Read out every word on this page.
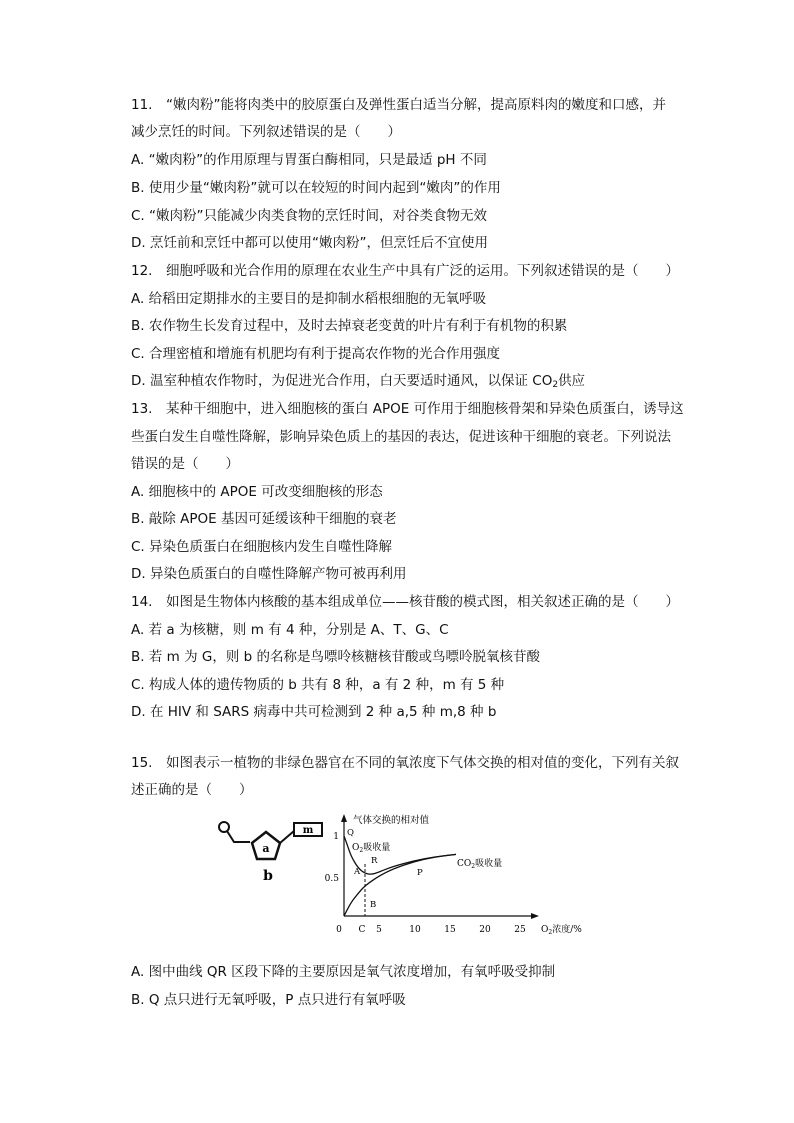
11.　“嫩肉粉”能将肉类中的胶原蛋白及弹性蛋白适当分解，提高原料肉的嫩度和口感，并
减少烹饪的时间。下列叙述错误的是（　　）
A. “嫩肉粉”的作用原理与胃蛋白酶相同，只是最适 pH 不同
B. 使用少量“嫩肉粉”就可以在较短的时间内起到“嫩肉”的作用
C. “嫩肉粉”只能减少肉类食物的烹饪时间，对谷类食物无效
D. 烹饪前和烹饪中都可以使用“嫩肉粉”，但烹饪后不宜使用
12.　细胞呼吸和光合作用的原理在农业生产中具有广泛的运用。下列叙述错误的是（　　）
A. 给稻田定期排水的主要目的是抑制水稻根细胞的无氧呼吸
B. 农作物生长发育过程中，及时去掉衰老变黄的叶片有利于有机物的积累
C. 合理密植和增施有机肥均有利于提高农作物的光合作用强度
D. 温室种植农作物时，为促进光合作用，白天要适时通风，以保证 $CO_2$供应
13.　某种干细胞中，进入细胞核的蛋白 APOE 可作用于细胞核骨架和异染色质蛋白，诱导这
些蛋白发生自噬性降解，影响异染色质上的基因的表达，促进该种干细胞的衰老。下列说法
错误的是（　　）
A. 细胞核中的 APOE 可改变细胞核的形态
B. 敲除 APOE 基因可延缓该种干细胞的衰老
C. 异染色质蛋白在细胞核内发生自噬性降解
D. 异染色质蛋白的自噬性降解产物可被再利用
14.　如图是生物体内核酸的基本组成单位——核苷酸的模式图，相关叙述正确的是（　　）
A. 若 a 为核糖，则 m 有 4 种，分别是 A、T、G、C
B. 若 m 为 G，则 b 的名称是鸟嘌呤核糖核苷酸或鸟嘌呤脱氧核苷酸
C. 构成人体的遗传物质的 b 共有 8 种，a 有 2 种，m 有 5 种
D. 在 HIV 和 SARS 病毒中共可检测到 2 种 a,5 种 m,8 种 b
15.　如图表示一植物的非绿色器官在不同的氧浓度下气体交换的相对值的变化，下列有关叙
述正确的是（　　）
m
a
b
气体交换的相对值
$O_2$浓度/%
0 C 5	10	15	20	25
1
0.5
Q
R
A
B
P
$O_2$吸收量
$CO_2$吸收量
A. 图中曲线 QR 区段下降的主要原因是氧气浓度增加，有氧呼吸受抑制
B. Q 点只进行无氧呼吸，P 点只进行有氧呼吸
